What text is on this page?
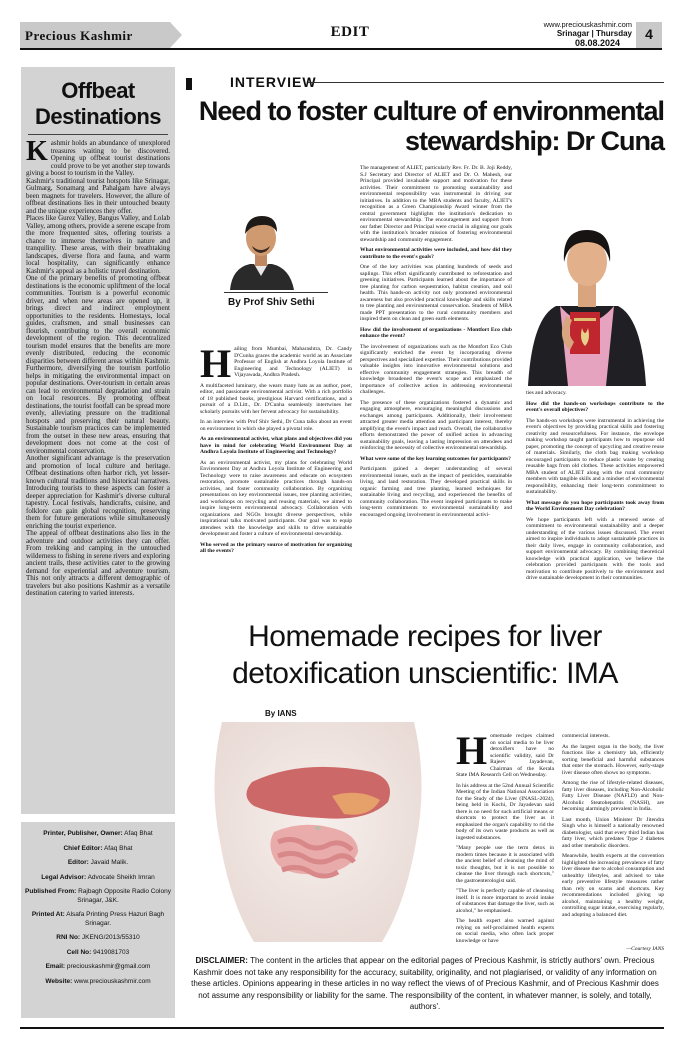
Precious Kashmir	EDIT	www.preciouskashmir.com
Srinagar | Thursday
08.08.2024
4
Offbeat
Destinations

Kashmir holds an abundance of unexplored treasures waiting to be discovered. Opening up offbeat tourist destinations could prove to be yet another step towards giving a boost to tourism in the Valley.

Kashmir's traditional tourist hotspots like Srinagar, Gulmarg, Sonamarg and Pahalgam have always been magnets for travelers. However, the allure of offbeat destinations lies in their untouched beauty and the unique experiences they offer.

Places like Gurez Valley, Bangus Valley, and Lolab Valley, among others, provide a serene escape from the more frequented sites, offering tourists a chance to immerse themselves in nature and tranquility. These areas, with their breathtaking landscapes, diverse flora and fauna, and warm local hospitality, can significantly enhance Kashmir's appeal as a holistic travel destination.

One of the primary benefits of promoting offbeat destinations is the economic upliftment of the local communities. Tourism is a powerful economic driver, and when new areas are opened up, it brings direct and indirect employment opportunities to the residents. Homestays, local guides, craftsmen, and small businesses can flourish, contributing to the overall economic development of the region. This decentralized tourism model ensures that the benefits are more evenly distributed, reducing the economic disparities between different areas within Kashmir. Furthermore, diversifying the tourism portfolio helps in mitigating the environmental impact on popular destinations. Over-tourism in certain areas can lead to environmental degradation and strain on local resources. By promoting offbeat destinations, the tourist footfall can be spread more evenly, alleviating pressure on the traditional hotspots and preserving their natural beauty. Sustainable tourism practices can be implemented from the outset in these new areas, ensuring that development does not come at the cost of environmental conservation.

Another significant advantage is the preservation and promotion of local culture and heritage. Offbeat destinations often harbor rich, yet lesser-known cultural traditions and historical narratives. Introducing tourists to these aspects can foster a deeper appreciation for Kashmir's diverse cultural tapestry. Local festivals, handicrafts, cuisine, and folklore can gain global recognition, preserving them for future generations while simultaneously enriching the tourist experience.

The appeal of offbeat destinations also lies in the adventure and outdoor activities they can offer. From trekking and camping in the untouched wilderness to fishing in serene rivers and exploring ancient trails, these activities cater to the growing demand for experiential and adventure tourism. This not only attracts a different demographic of travelers but also positions Kashmir as a versatile destination catering to varied interests.

Printer, Publisher, Owner: Afaq Bhat
Chief Editor: Afaq Bhat
Editor: Javaid Malik.
Legal Advisor: Advocate Sheikh Imran
Published From: Rajbagh Opposite Radio Colony Srinagar, J&K.
Printed At: Alsafa Printing Press Hazuri Bagh Srinagar.
RNI No: JKENG/2013/55310
Cell No: 9419081703
Email: preciouskashmir@gmail.com
Website: www.preciouskashmir.com
INTERVIEW
Need to foster culture of environmental stewardship: Dr Cuna
By Prof Shiv Sethi

Hailing from Mumbai, Maharashtra, Dr. Candy D'Cunha graces the academic world as an Associate Professor of English at Andhra Loyola Institute of Engineering and Technology (ALIET) in Vijayawada, Andhra Pradesh.

A multifaceted luminary, she wears many hats as an author, poet, editor, and passionate environmental activist. With a rich portfolio of 18 published books, prestigious Harvard certifications, and a pursuit of a D.Litt., Dr. D'Cunha seamlessly intertwines her scholarly pursuits with her fervent advocacy for sustainability.

In an interview with Prof Shiv Sethi, Dr Cuna talks about an event on environment in which she played a pivotal role.

As an environmental activist, what plans and objectives did you have in mind for celebrating World Environment Day at Andhra Loyola Institute of Engineering and Technology?

As an environmental activist, my plans for celebrating World Environment Day at Andhra Loyola Institute of Engineering and Technology were to raise awareness and educate on ecosystem restoration, promote sustainable practices through hands-on activities, and foster community collaboration. By organizing presentations on key environmental issues, tree planting activities, and workshops on recycling and reusing materials, we aimed to inspire long-term environmental advocacy. Collaboration with organizations and NGOs brought diverse perspectives, while inspirational talks motivated participants. Our goal was to equip attendees with the knowledge and skills to drive sustainable development and foster a culture of environmental stewardship.

Who served as the primary source of motivation for organizing all the events?

The management of ALIET, particularly Rev. Fr. Dr. B. Joji Reddy, S.J Secretary and Director of ALIET and Dr. O. Mahesh, our Principal provided invaluable support and motivation for these activities. Their commitment to promoting sustainability and environmental responsibility was instrumental in driving our initiatives. In addition to the MBA students and faculty, ALIET's recognition as a Green Championship Award winner from the central government highlights the institution's dedication to environmental stewardship. The encouragement and support from our father Director and Principal were crucial in aligning our goals with the institution's broader mission of fostering environmental stewardship and community engagement.

What environmental activities were included, and how did they contribute to the event's goals?

One of the key activities was planting hundreds of seeds and saplings. This effort significantly contributed to reforestation and greening initiatives. Participants learned about the importance of tree planting for carbon sequestration, habitat creation, and soil health. This hands-on activity not only promoted environmental awareness but also provided practical knowledge and skills related to tree planting and environmental conservation. Students of MBA made PPT presentation to the rural community members and inspired them on clean and green earth elements.

How did the involvement of organizations - Montfort Eco club enhance the event?

The involvement of organizations such as the Montfort Eco Club significantly enriched the event by incorporating diverse perspectives and specialized expertise. Their contributions provided valuable insights into innovative environmental solutions and effective community engagement strategies. This breadth of knowledge broadened the event's scope and emphasized the importance of collective action in addressing environmental challenges.

The presence of these organizations fostered a dynamic and engaging atmosphere, encouraging meaningful discussions and exchanges among participants. Additionally, their involvement attracted greater media attention and participant interest, thereby amplifying the event's impact and reach. Overall, the collaborative efforts demonstrated the power of unified action in advancing sustainability goals, leaving a lasting impression on attendees and reinforcing the necessity of collective environmental stewardship.

What were some of the key learning outcomes for participants?

Participants gained a deeper understanding of several environmental issues, such as the impact of pesticides, sustainable living, and land restoration. They developed practical skills in organic farming and tree planting, learned techniques for sustainable living and recycling, and experienced the benefits of community collaboration. The event inspired participants to make long-term commitments to environmental sustainability and encouraged ongoing involvement in environmental activi-

ties and advocacy.

How did the hands-on workshops contribute to the event's overall objectives?

The hands-on workshops were instrumental in achieving the event's objectives by providing practical skills and fostering creativity and resourcefulness. For instance, the envelope making workshop taught participants how to repurpose old paper, promoting the concept of upcycling and creative reuse of materials. Similarly, the cloth bag making workshop encouraged participants to reduce plastic waste by creating reusable bags from old clothes. These activities empowered MBA student of ALIET along with the rural community members with tangible skills and a mindset of environmental responsibility, enhancing their long-term commitment to sustainability.

What message do you hope participants took away from the World Environment Day celebration?

We hope participants left with a renewed sense of commitment to environmental sustainability and a deeper understanding of the various issues discussed. The event aimed to inspire individuals to adopt sustainable practices in their daily lives, engage in community collaboration, and support environmental advocacy. By combining theoretical knowledge with practical application, we believe the celebration provided participants with the tools and motivation to contribute positively to the environment and drive sustainable development in their communities.

Homemade recipes for liver
detoxification unscientific: IMA
By IANS

Homemade recipes claimed on social media to be liver detoxifiers have no scientific validity, said Dr Rajeev Jayadevan, Chairman of the Kerala State IMA Research Cell on Wednesday.

In his address at the 52nd Annual Scientific Meeting of the Indian National Association for the Study of the Liver (INASL-2024), being held in Kochi, Dr Jayadevan said there is no need for such artificial means or shortcuts to protect the liver as it emphasized the organ's capability to rid the body of its own waste products as well as ingested substances.

"Many people use the term detox in modern times because it is associated with the ancient belief of cleansing the mind of toxic thoughts, but it is not possible to cleanse the liver through such shortcuts," the gastroenterologist said.

"The liver is perfectly capable of cleansing itself. It is more important to avoid intake of substances that damage the liver, such as alcohol," he emphasised.

The health expert also warned against relying on self-proclaimed health experts on social media, who often lack proper knowledge or have

commercial interests.

As the largest organ in the body, the liver functions like a chemistry lab, efficiently sorting beneficial and harmful substances that enter the stomach. However, early-stage liver disease often shows no symptoms.

Among the rise of lifestyle-related diseases, fatty liver diseases, including Non-Alcoholic Fatty Liver Disease (NAFLD) and Non-Alcoholic Steatohepatitis (NASH), are becoming alarmingly prevalent in India.

Last month, Union Minister Dr Jitendra Singh who is himself a nationally renowned diabetologist, said that every third Indian has fatty liver, which predates Type 2 diabetes and other metabolic disorders.

Meanwhile, health experts at the convention highlighted the increasing prevalence of fatty liver disease due to alcohol consumption and unhealthy lifestyles, and advised to take early preventive lifestyle measures rather than rely on scams and shortcuts. Key recommendations included giving up alcohol, maintaining a healthy weight, controlling sugar intake, exercising regularly, and adopting a balanced diet.

—Courtesy IANS
DISCLAIMER: The content in the articles that appear on the editorial pages of Precious Kashmir, is strictly authors' own. Precious Kashmir does not take any responsibility for the accuracy, suitability, originality, and not plagiarised, or validity of any information on these articles. Opinions appearing in these articles in no way reflect the views of of Precious Kashmir, and of Precious Kashmir does not assume any responsibility or liability for the same. The responsibility of the content, in whatever manner, is solely, and totally, authors'.
